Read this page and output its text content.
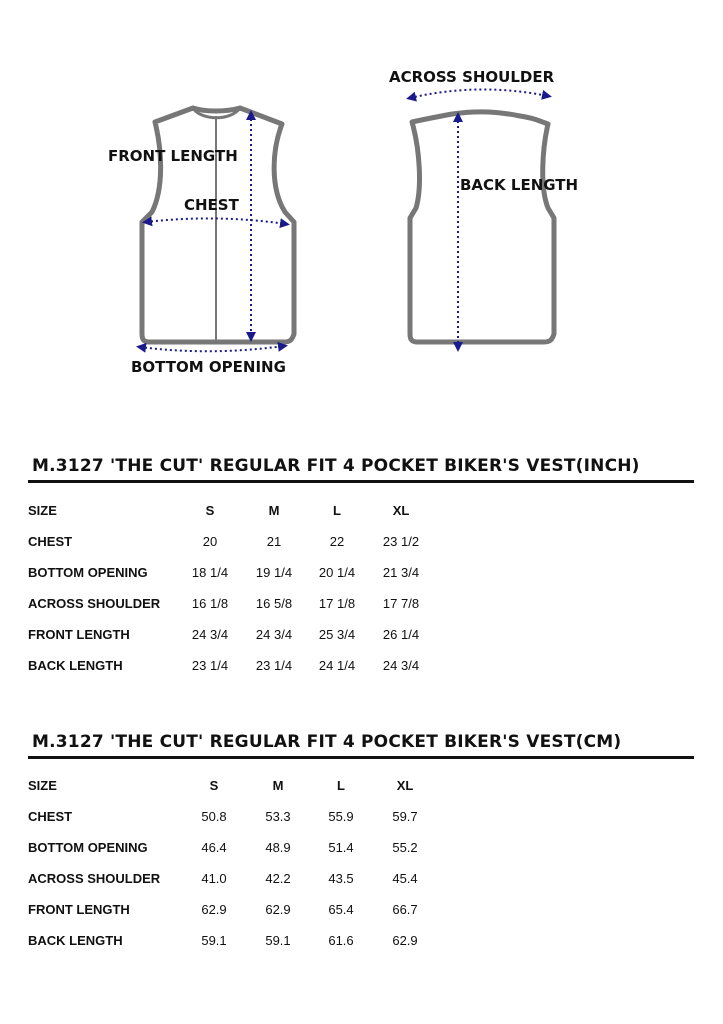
FRONT LENGTH
CHEST
BOTTOM OPENING
ACROSS SHOULDER
BACK LENGTH
M.3127 'THE CUT' REGULAR FIT 4 POCKET BIKER'S VEST(INCH)
SIZE	S	M	L	XL
CHEST	20	21	22	23 1/2
BOTTOM OPENING	18 1/4	19 1/4	20 1/4	21 3/4
ACROSS SHOULDER	16 1/8	16 5/8	17 1/8	17 7/8
FRONT LENGTH	24 3/4	24 3/4	25 3/4	26 1/4
BACK LENGTH	23 1/4	23 1/4	24 1/4	24 3/4
M.3127 'THE CUT' REGULAR FIT 4 POCKET BIKER'S VEST(CM)
SIZE	S	M	L	XL
CHEST	50.8	53.3	55.9	59.7
BOTTOM OPENING	46.4	48.9	51.4	55.2
ACROSS SHOULDER	41.0	42.2	43.5	45.4
FRONT LENGTH	62.9	62.9	65.4	66.7
BACK LENGTH	59.1	59.1	61.6	62.9
